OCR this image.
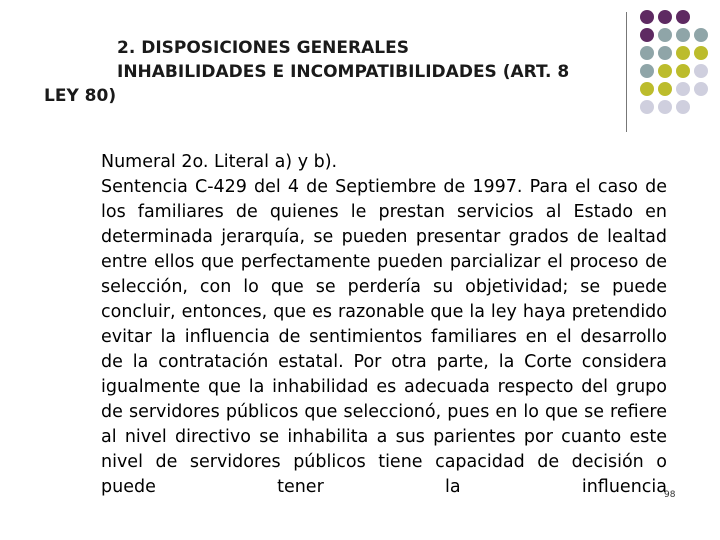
2. DISPOSICIONES GENERALES
INHABILIDADES E INCOMPATIBILIDADES (ART. 8
LEY 80)
Numeral 2o. Literal a) y b).
Sentencia C-429 del 4 de Septiembre de 1997. Para el caso de los familiares de quienes le prestan servicios al Estado en determinada jerarquía, se pueden presentar grados de lealtad entre ellos que perfectamente pueden parcializar el proceso de selección, con lo que se perdería su objetividad; se puede concluir, entonces, que es razonable que la ley haya pretendido evitar la influencia de sentimientos familiares en el desarrollo de la contratación estatal. Por otra parte, la Corte considera igualmente que la inhabilidad es adecuada respecto del grupo de servidores públicos que seleccionó, pues en lo que se refiere al nivel directivo se inhabilita a sus parientes por cuanto este nivel de servidores públicos tiene capacidad de decisión o puede tener la influencia
98
